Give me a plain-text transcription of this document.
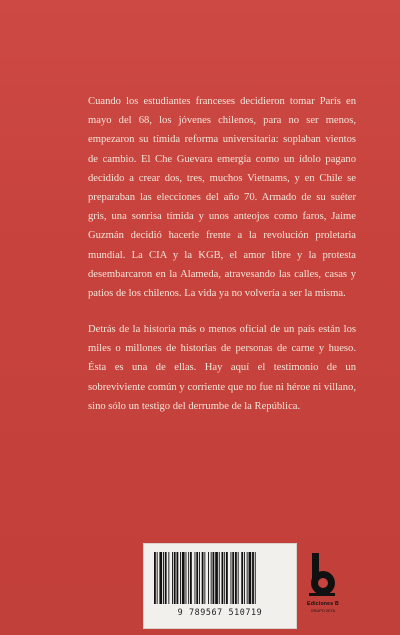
Cuando los estudiantes franceses decidieron tomar París en mayo del 68, los jóvenes chilenos, para no ser menos, empezaron su tímida reforma universitaria: soplaban vientos de cambio. El Che Guevara emergía como un ídolo pagano decidido a crear dos, tres, muchos Vietnams, y en Chile se preparaban las elecciones del año 70. Armado de su suéter gris, una sonrisa tímida y unos anteojos como faros, Jaime Guzmán decidió hacerle frente a la revolución proletaria mundial. La CIA y la KGB, el amor libre y la protesta desembarcaron en la Alameda, atravesando las calles, casas y patios de los chilenos. La vida ya no volvería a ser la misma.

Detrás de la historia más o menos oficial de un país están los miles o millones de historias de personas de carne y hueso. Ésta es una de ellas. Hay aquí el testimonio de un sobreviviente común y corriente que no fue ni héroe ni villano, sino sólo un testigo del derrumbe de la República.

9 789567 510719
Ediciones B
GRUPO ZETA
